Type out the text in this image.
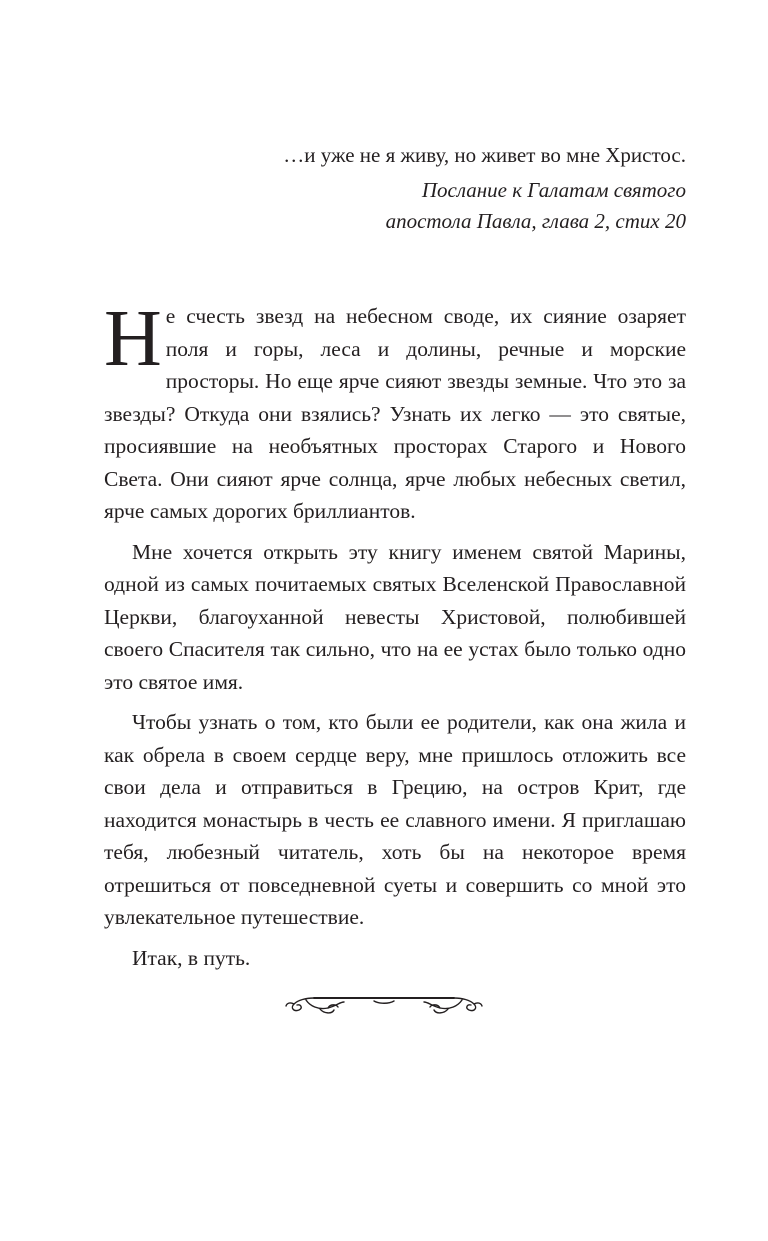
…и уже не я живу, но живет во мне Христос.

Послание к Галатам святого

апостола Павла, глава 2, стих 20

Не счесть звезд на небесном своде, их сияние озаряет поля и горы, леса и долины, речные и морские просторы. Но еще ярче сияют звезды земные. Что это за звезды? Откуда они взялись? Узнать их легко — это святые, просиявшие на необъятных просторах Старого и Нового Света. Они сияют ярче солнца, ярче любых небесных светил, ярче самых дорогих бриллиантов.

Мне хочется открыть эту книгу именем святой Марины, одной из самых почитаемых святых Вселенской Православной Церкви, благоуханной невесты Христовой, полюбившей своего Спасителя так сильно, что на ее устах было только одно это святое имя.

Чтобы узнать о том, кто были ее родители, как она жила и как обрела в своем сердце веру, мне пришлось отложить все свои дела и отправиться в Грецию, на остров Крит, где находится монастырь в честь ее славного имени. Я приглашаю тебя, любезный читатель, хоть бы на некоторое время отрешиться от повседневной суеты и совершить со мной это увлекательное путешествие.

Итак, в путь.
